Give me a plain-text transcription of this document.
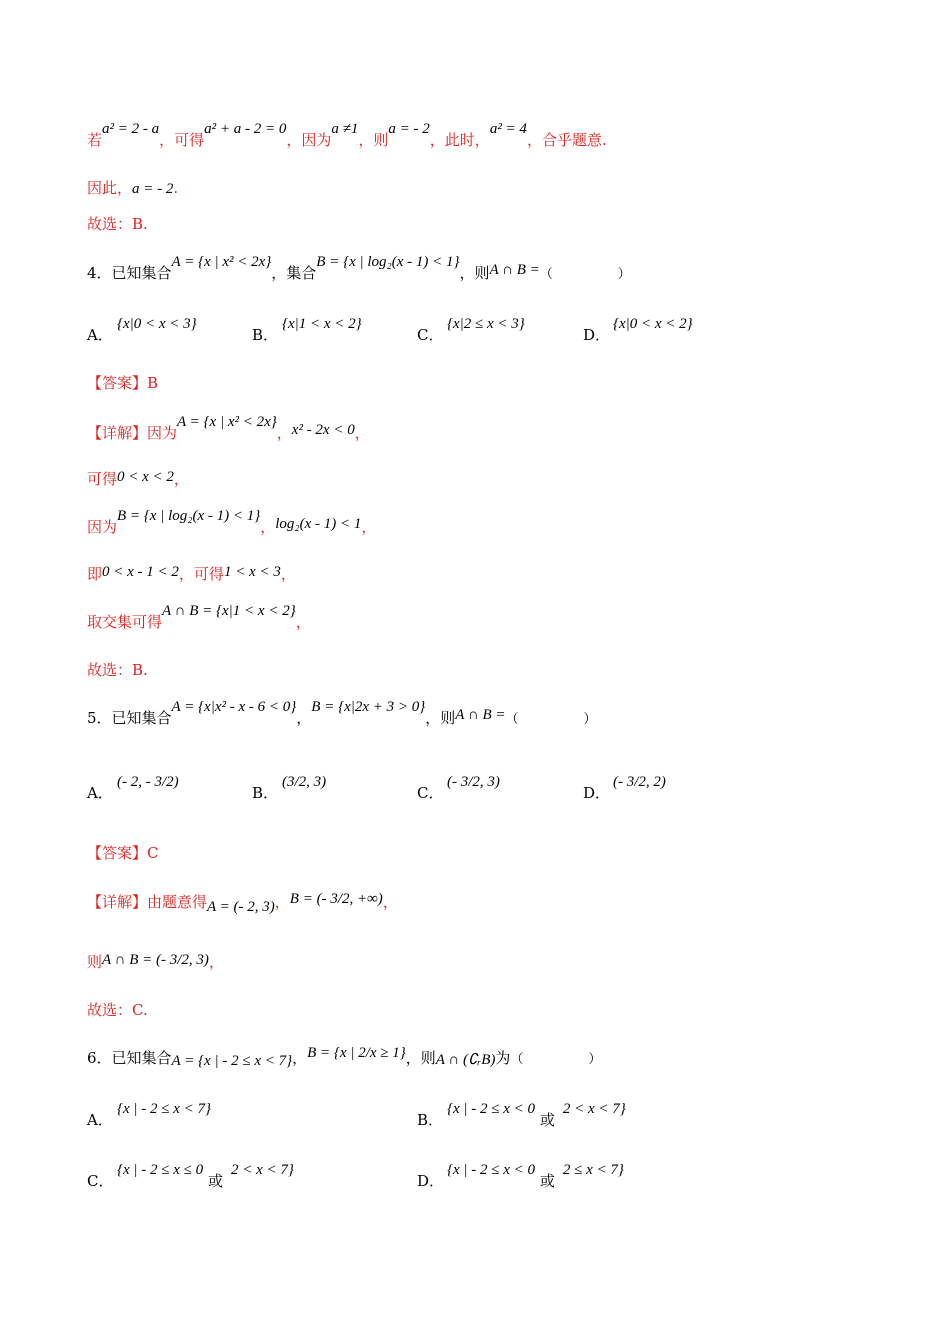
若a² = 2 - a，可得a² + a - 2 = 0，因为a ≠1，则a = - 2，此时，a² = 4，合乎题意.
因此，a = - 2.
故选：B.
4．已知集合A = {x | x² < 2x}，集合B = {x | log₂(x - 1) < 1}，则A ∩ B =（　　　　　）
A．{x|0 < x < 3}
B．{x|1 < x < 2}
C．{x|2 ≤ x < 3}
D．{x|0 < x < 2}
【答案】B
【详解】因为A = {x | x² < 2x}，x² - 2x < 0，
可得0 < x < 2，
因为B = {x | log₂(x - 1) < 1}，log₂(x - 1) < 1，
即0 < x - 1 < 2，可得1 < x < 3，
取交集可得A ∩ B = {x|1 < x < 2}，
故选：B.
5．已知集合A = {x|x² - x - 6 < 0}，B = {x|2x + 3 > 0}，则A ∩ B =（　　　　　）
A．(- 2, - 3/2)
B．(3/2, 3)
C．(- 3/2, 3)
D．(- 3/2, 2)
【答案】C
【详解】由题意得A = (- 2, 3)，B = (- 3/2, +∞)，
则A ∩ B = (- 3/2, 3)，
故选：C.
6．已知集合A = {x | - 2 ≤ x < 7}，B = {x | 2/x ≥ 1}，则A ∩ (∁ᵣB)为（　　　　　）
A．{x | - 2 ≤ x < 7}
B．{x | - 2 ≤ x < 0 或2 < x < 7}
C．{x | - 2 ≤ x ≤ 0 或2 < x < 7}
D．{x | - 2 ≤ x < 0 或2 ≤ x < 7}
